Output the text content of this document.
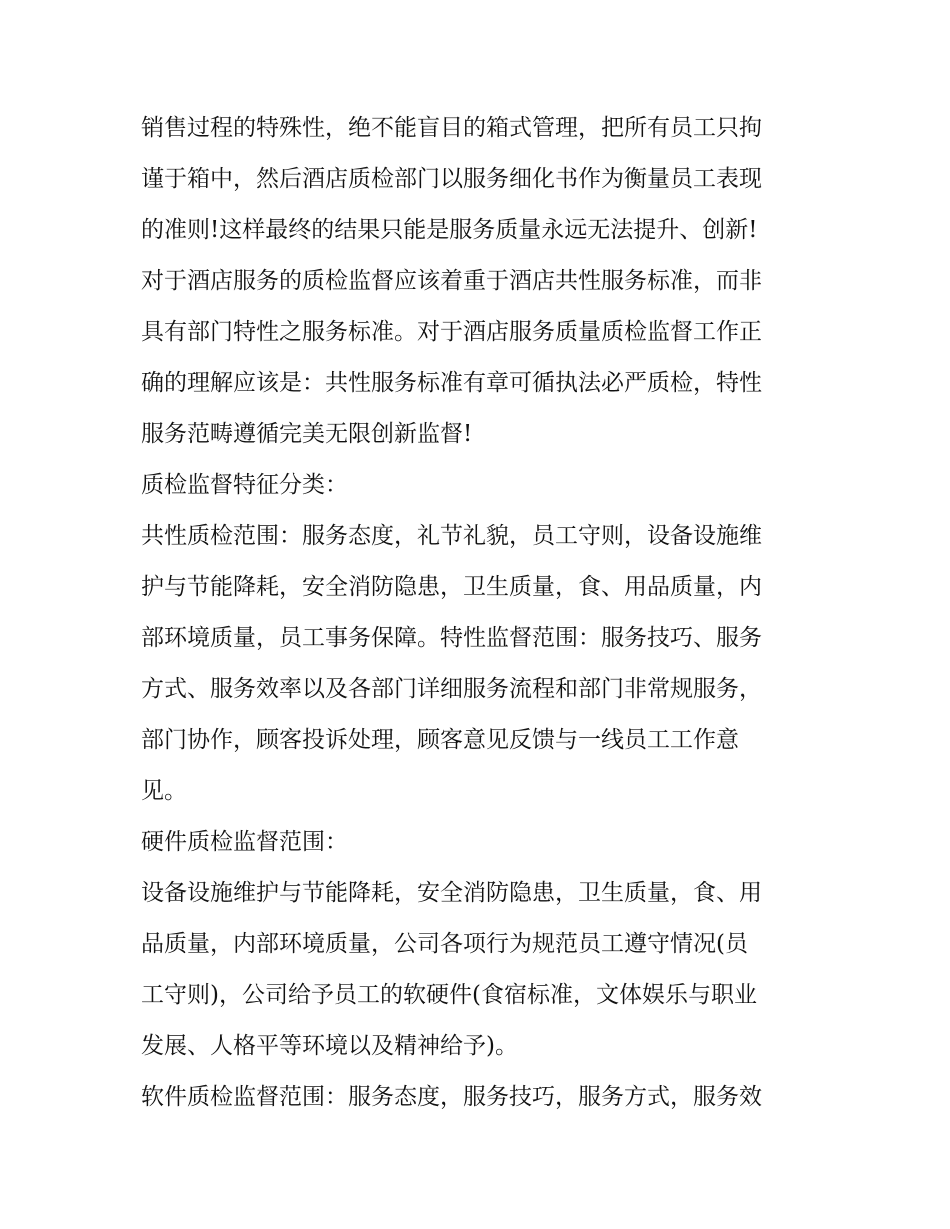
销售过程的特殊性，绝不能盲目的箱式管理，把所有员工只拘
谨于箱中，然后酒店质检部门以服务细化书作为衡量员工表现
的准则!这样最终的结果只能是服务质量永远无法提升、创新!
对于酒店服务的质检监督应该着重于酒店共性服务标准，而非
具有部门特性之服务标准。对于酒店服务质量质检监督工作正
确的理解应该是：共性服务标准有章可循执法必严质检，特性
服务范畴遵循完美无限创新监督!
质检监督特征分类：
共性质检范围：服务态度，礼节礼貌，员工守则，设备设施维
护与节能降耗，安全消防隐患，卫生质量，食、用品质量，内
部环境质量，员工事务保障。特性监督范围：服务技巧、服务
方式、服务效率以及各部门详细服务流程和部门非常规服务，
部门协作，顾客投诉处理，顾客意见反馈与一线员工工作意
见。
硬件质检监督范围：
设备设施维护与节能降耗，安全消防隐患，卫生质量，食、用
品质量，内部环境质量，公司各项行为规范员工遵守情况(员
工守则)，公司给予员工的软硬件(食宿标准，文体娱乐与职业
发展、人格平等环境以及精神给予)。
软件质检监督范围：服务态度，服务技巧，服务方式，服务效
